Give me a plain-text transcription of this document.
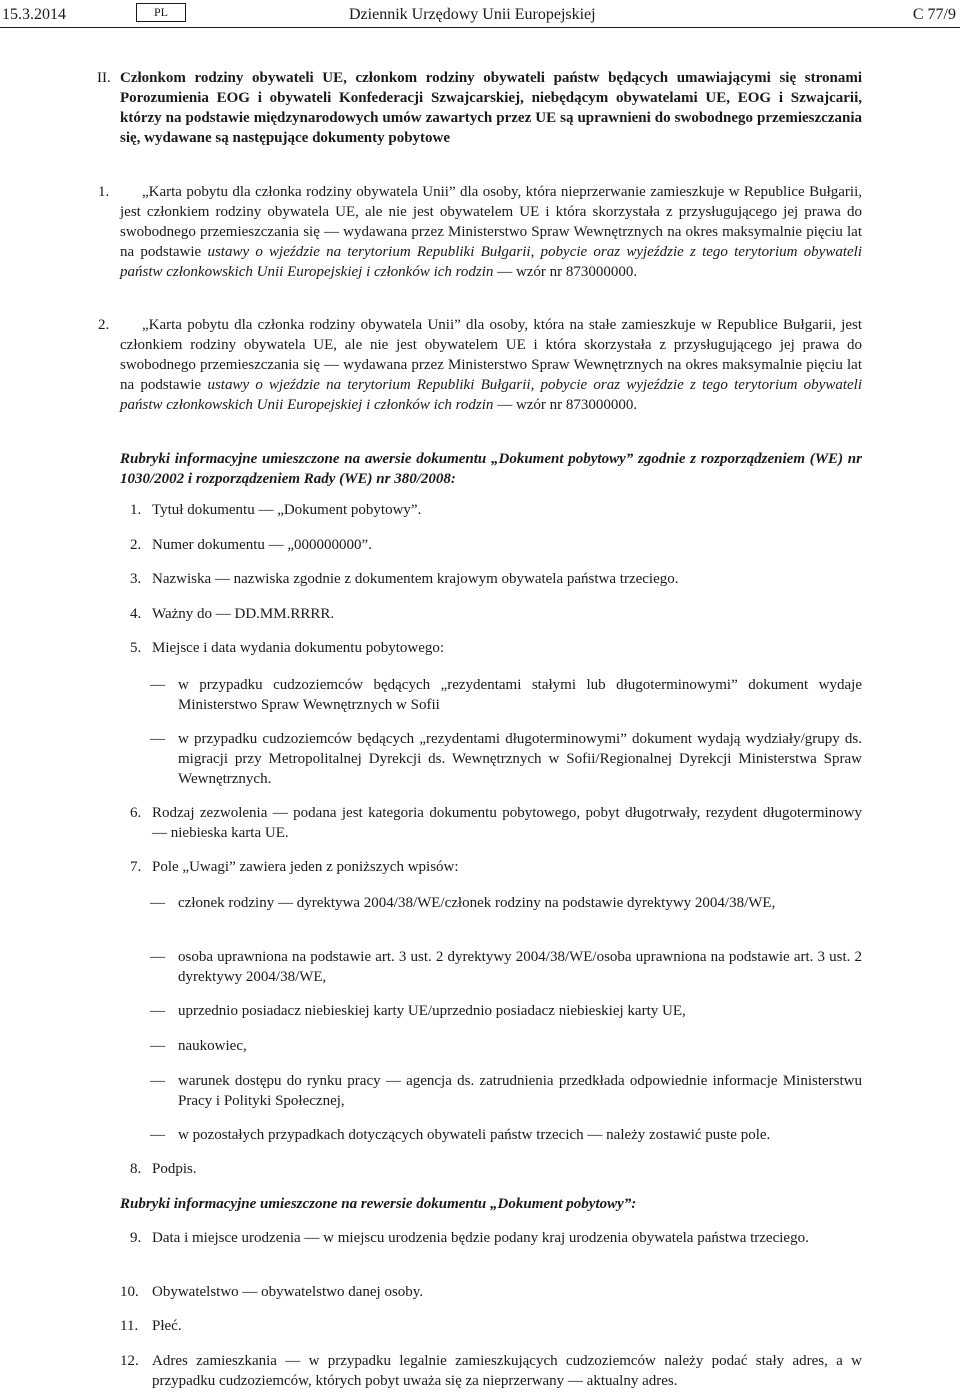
15.3.2014	PL	Dziennik Urzędowy Unii Europejskiej	C 77/9
II. Członkom rodziny obywateli UE, członkom rodziny obywateli państw będących umawiającymi się stronami Porozumienia EOG i obywateli Konfederacji Szwajcarskiej, niebędącym obywatelami UE, EOG i Szwajcarii, którzy na podstawie międzynarodowych umów zawartych przez UE są uprawnieni do swobodnego przemieszczania się, wydawane są następujące dokumenty pobytowe
1. „Karta pobytu dla członka rodziny obywatela Unii” dla osoby, która nieprzerwanie zamieszkuje w Republice Bułgarii, jest członkiem rodziny obywatela UE, ale nie jest obywatelem UE i która skorzystała z przysługującego jej prawa do swobodnego przemieszczania się — wydawana przez Ministerstwo Spraw Wewnętrznych na okres maksymalnie pięciu lat na podstawie ustawy o wjeździe na terytorium Republiki Bułgarii, pobycie oraz wyjeździe z tego terytorium obywateli państw członkowskich Unii Europejskiej i członków ich rodzin — wzór nr 873000000.
2. „Karta pobytu dla członka rodziny obywatela Unii” dla osoby, która na stałe zamieszkuje w Republice Bułgarii, jest członkiem rodziny obywatela UE, ale nie jest obywatelem UE i która skorzystała z przysługującego jej prawa do swobodnego przemieszczania się — wydawana przez Ministerstwo Spraw Wewnętrznych na okres maksymalnie pięciu lat na podstawie ustawy o wjeździe na terytorium Republiki Bułgarii, pobycie oraz wyjeździe z tego terytorium obywateli państw członkowskich Unii Europejskiej i członków ich rodzin — wzór nr 873000000.
Rubryki informacyjne umieszczone na awersie dokumentu „Dokument pobytowy” zgodnie z rozporządzeniem (WE) nr 1030/2002 i rozporządzeniem Rady (WE) nr 380/2008:
1. Tytuł dokumentu — „Dokument pobytowy”.
2. Numer dokumentu — „000000000”.
3. Nazwiska — nazwiska zgodnie z dokumentem krajowym obywatela państwa trzeciego.
4. Ważny do — DD.MM.RRRR.
5. Miejsce i data wydania dokumentu pobytowego:
— w przypadku cudzoziemców będących „rezydentami stałymi lub długoterminowymi” dokument wydaje Ministerstwo Spraw Wewnętrznych w Sofii
— w przypadku cudzoziemców będących „rezydentami długoterminowymi” dokument wydają wydziały/grupy ds. migracji przy Metropolitalnej Dyrekcji ds. Wewnętrznych w Sofii/Regionalnej Dyrekcji Ministerstwa Spraw Wewnętrznych.
6. Rodzaj zezwolenia — podana jest kategoria dokumentu pobytowego, pobyt długotrwały, rezydent długoterminowy — niebieska karta UE.
7. Pole „Uwagi” zawiera jeden z poniższych wpisów:
— członek rodziny — dyrektywa 2004/38/WE/członek rodziny na podstawie dyrektywy 2004/38/WE,
— osoba uprawniona na podstawie art. 3 ust. 2 dyrektywy 2004/38/WE/osoba uprawniona na podstawie art. 3 ust. 2 dyrektywy 2004/38/WE,
— uprzednio posiadacz niebieskiej karty UE/uprzednio posiadacz niebieskiej karty UE,
— naukowiec,
— warunek dostępu do rynku pracy — agencja ds. zatrudnienia przedkłada odpowiednie informacje Ministerstwu Pracy i Polityki Społecznej,
— w pozostałych przypadkach dotyczących obywateli państw trzecich — należy zostawić puste pole.
8. Podpis.
Rubryki informacyjne umieszczone na rewersie dokumentu „Dokument pobytowy”:
9. Data i miejsce urodzenia — w miejscu urodzenia będzie podany kraj urodzenia obywatela państwa trzeciego.
10. Obywatelstwo — obywatelstwo danej osoby.
11. Płeć.
12. Adres zamieszkania — w przypadku legalnie zamieszkujących cudzoziemców należy podać stały adres, a w przypadku cudzoziemców, których pobyt uważa się za nieprzerwany — aktualny adres.
